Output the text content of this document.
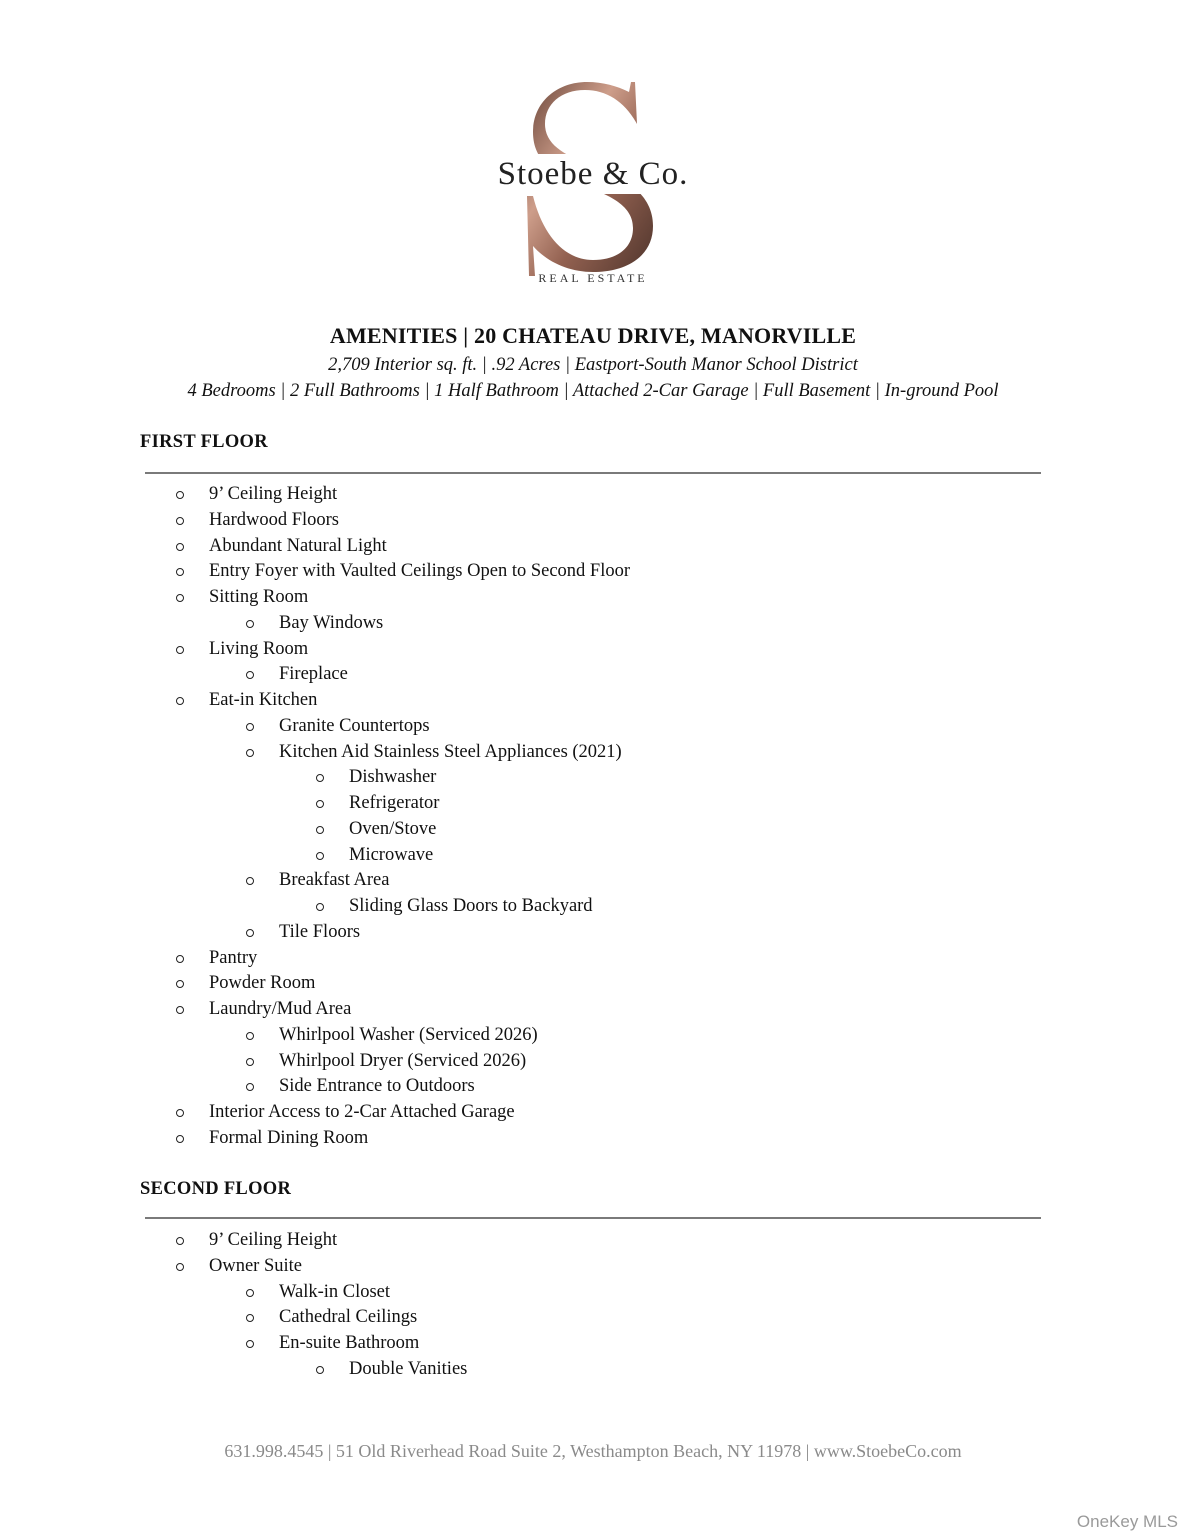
Stoebe & Co.
REAL ESTATE
AMENITIES | 20 CHATEAU DRIVE, MANORVILLE
2,709 Interior sq. ft. | .92 Acres | Eastport-South Manor School District
4 Bedrooms | 2 Full Bathrooms | 1 Half Bathroom | Attached 2-Car Garage | Full Basement | In-ground Pool
FIRST FLOOR
9’ Ceiling Height
Hardwood Floors
Abundant Natural Light
Entry Foyer with Vaulted Ceilings Open to Second Floor
Sitting Room
Bay Windows
Living Room
Fireplace
Eat-in Kitchen
Granite Countertops
Kitchen Aid Stainless Steel Appliances (2021)
Dishwasher
Refrigerator
Oven/Stove
Microwave
Breakfast Area
Sliding Glass Doors to Backyard
Tile Floors
Pantry
Powder Room
Laundry/Mud Area
Whirlpool Washer (Serviced 2026)
Whirlpool Dryer (Serviced 2026)
Side Entrance to Outdoors
Interior Access to 2-Car Attached Garage
Formal Dining Room
SECOND FLOOR
9’ Ceiling Height
Owner Suite
Walk-in Closet
Cathedral Ceilings
En-suite Bathroom
Double Vanities
631.998.4545 | 51 Old Riverhead Road Suite 2, Westhampton Beach, NY 11978 | www.StoebeCo.com
OneKey MLS
